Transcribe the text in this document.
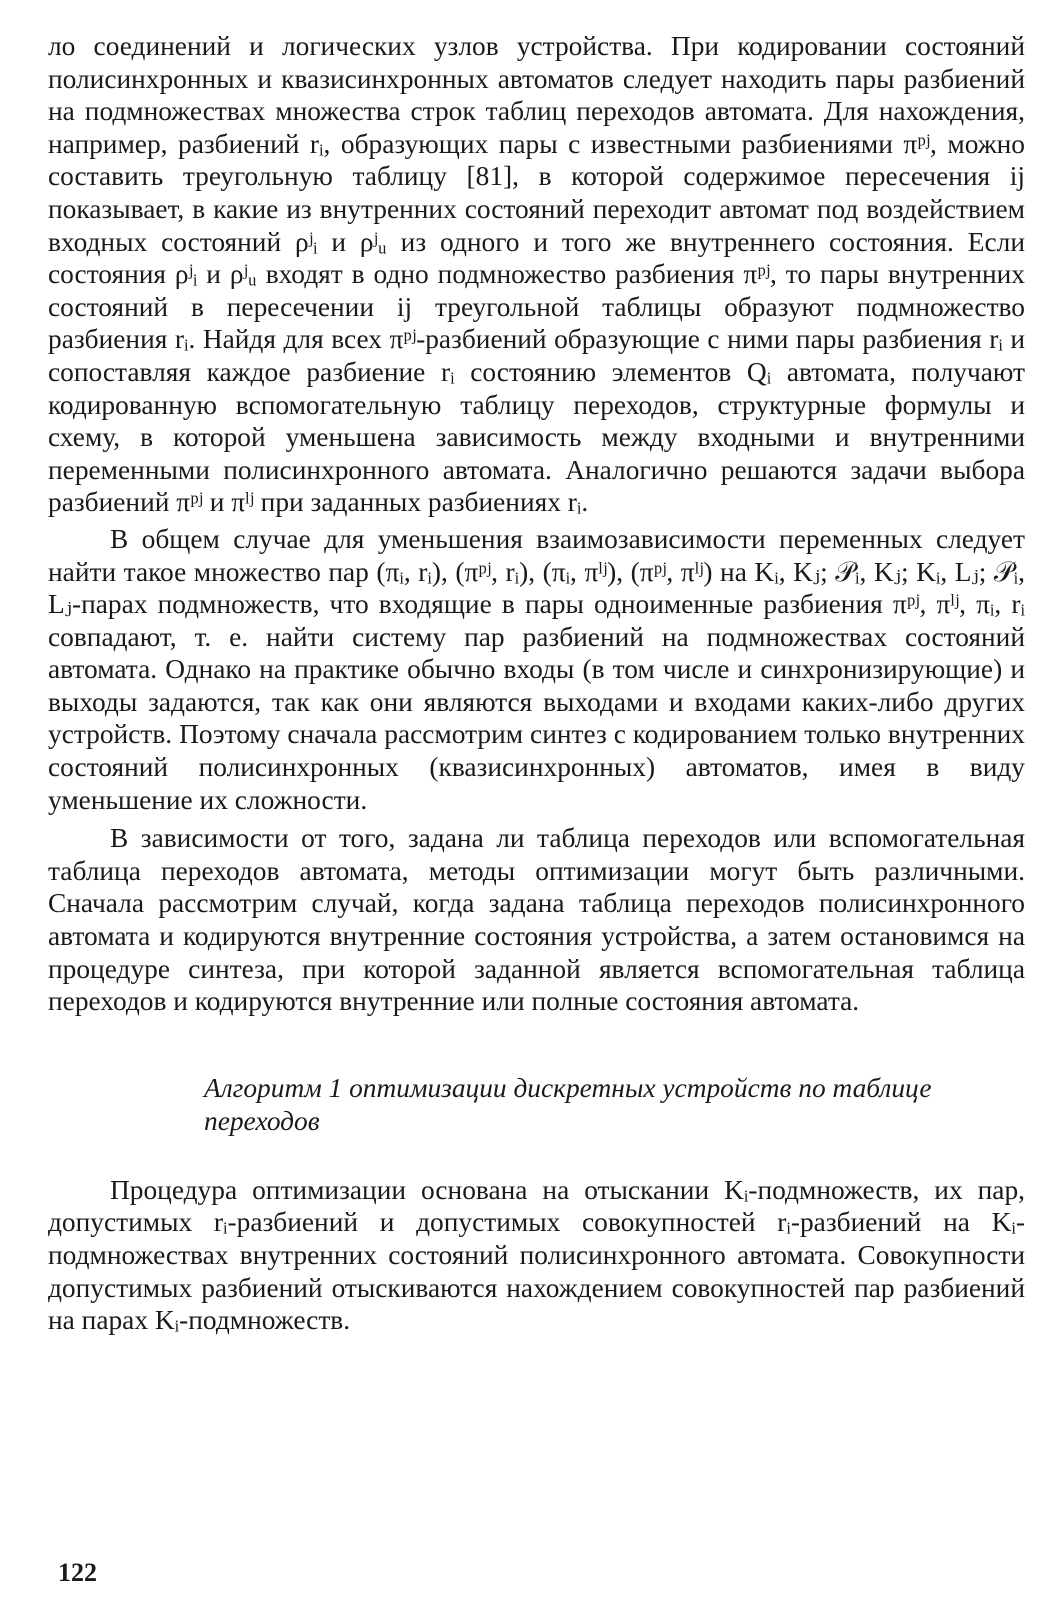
ло соединений и логических узлов устройства. При кодировании состояний полисинхронных и квазисинхронных автоматов следует находить пары разбиений на подмножествах множества строк таблиц переходов автомата. Для нахождения, например, разбиений rᵢ, образующих пары с известными разбиениями πᵖʲ, можно составить треугольную таблицу [81], в которой содержимое пересечения ij показывает, в какие из внутренних состояний переходит автомат под воздействием входных состояний ρʲᵢ и ρʲᵤ из одного и того же внутреннего состояния. Если состояния ρʲᵢ и ρʲᵤ входят в одно подмножество разбиения πᵖʲ, то пары внутренних состояний в пересечении ij треугольной таблицы образуют подмножество разбиения rᵢ. Найдя для всех πᵖʲ-разбиений образующие с ними пары разбиения rᵢ и сопоставляя каждое разбиение rᵢ состоянию элементов Qᵢ автомата, получают кодированную вспомогательную таблицу переходов, структурные формулы и схему, в которой уменьшена зависимость между входными и внутренними переменными полисинхронного автомата. Аналогично решаются задачи выбора разбиений πᵖʲ и πˡʲ при заданных разбиениях rᵢ.

В общем случае для уменьшения взаимозависимости переменных следует найти такое множество пар (πᵢ, rᵢ), (πᵖʲ, rᵢ), (πᵢ, πˡʲ), (πᵖʲ, πˡʲ) на Kᵢ, Kⱼ; 𝒫ᵢ, Kⱼ; Kᵢ, Lⱼ; 𝒫ᵢ, Lⱼ-парах подмножеств, что входящие в пары одноименные разбиения πᵖʲ, πˡʲ, πᵢ, rᵢ совпадают, т. е. найти систему пар разбиений на подмножествах состояний автомата. Однако на практике обычно входы (в том числе и синхронизирующие) и выходы задаются, так как они являются выходами и входами каких-либо других устройств. Поэтому сначала рассмотрим синтез с кодированием только внутренних состояний полисинхронных (квазисинхронных) автоматов, имея в виду уменьшение их сложности.

В зависимости от того, задана ли таблица переходов или вспомогательная таблица переходов автомата, методы оптимизации могут быть различными. Сначала рассмотрим случай, когда задана таблица переходов полисинхронного автомата и кодируются внутренние состояния устройства, а затем остановимся на процедуре синтеза, при которой заданной является вспомогательная таблица переходов и кодируются внутренние или полные состояния автомата.

Алгоритм 1 оптимизации дискретных устройств по таблице переходов

Процедура оптимизации основана на отыскании Kᵢ-подмножеств, их пар, допустимых rᵢ-разбиений и допустимых совокупностей rᵢ-разбиений на Kᵢ-подмножествах внутренних состояний полисинхронного автомата. Совокупности допустимых разбиений отыскиваются нахождением совокупностей пар разбиений на парах Kᵢ-подмножеств.

122
